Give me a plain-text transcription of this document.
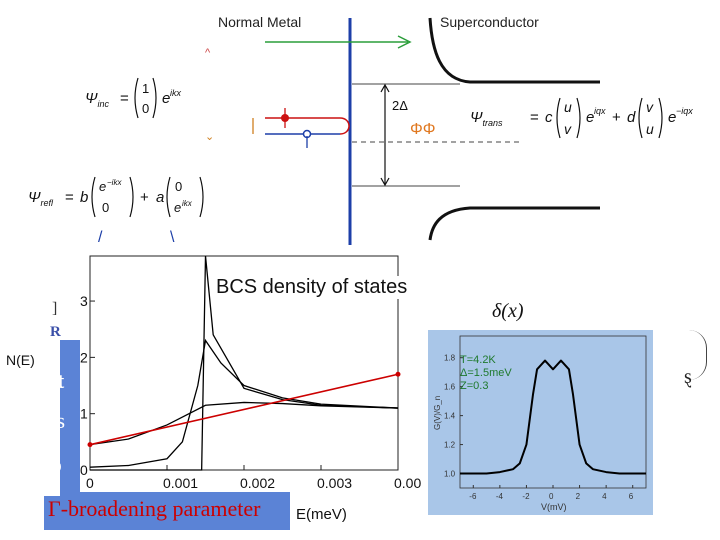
2Δ
Normal Metal	Superconductor
ΦΦ
^
⌄
/	\
$\Psi_{inc}$ =
1
0
e ikx
$\Psi_{refl} = b$
e −ikx
0
+ a
0
e ikx
$\Psi_{trans} = c$
u
v
e iqx + d
v
u
e −iqx
Fitt
Δ−s
Z-b
Γ-broadening parameter
]
R
N(E)
δ(x)
0	0.001	0.002	0.003	0.00
0
1
2
3
BCS density of states
E(meV)
-6 -4 -2 0	2	4	6
1.0
1.2
1.4
1.6
1.8
V(mV)
G(V)/G_n
T=4.2K
Δ=1.5meV
Z=0.3	ȿ
